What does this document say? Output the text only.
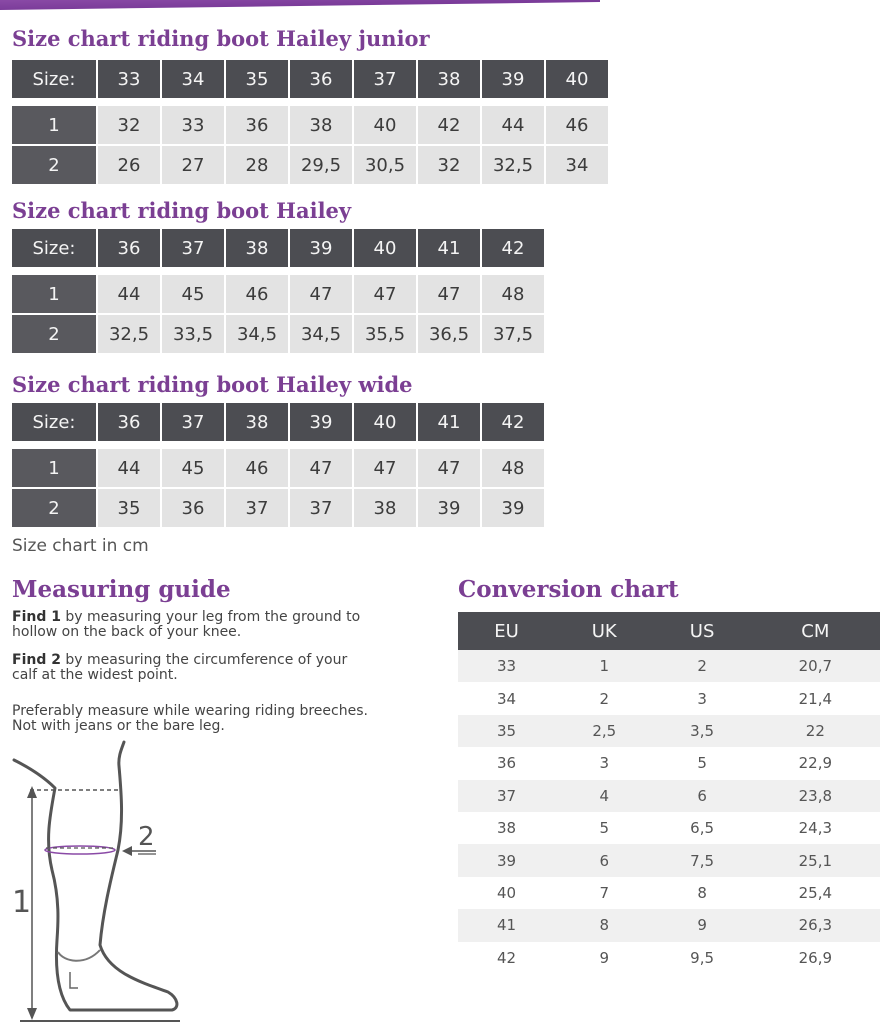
Size chart riding boot Hailey junior
Size:	33	34	35	36	37	38	39	40

1	32	33	36	38	40	42	44	46
2	26	27	28	29,5	30,5	32	32,5	34
Size chart riding boot Hailey
Size:	36	37	38	39	40	41	42

1	44	45	46	47	47	47	48
2	32,5	33,5	34,5	34,5	35,5	36,5	37,5
Size chart riding boot Hailey wide
Size:	36	37	38	39	40	41	42

1	44	45	46	47	47	47	48
2	35	36	37	37	38	39	39
Size chart in cm
Measuring guide
Find 1 by measuring your leg from the ground to hollow on the back of your knee.
Find 2 by measuring the circumference of your calf at the widest point.
Preferably measure while wearing riding breeches. Not with jeans or the bare leg.
1
2
Conversion chart
EU	UK	US	CM
33	1	2	20,7
34	2	3	21,4
35	2,5	3,5	22
36	3	5	22,9
37	4	6	23,8
38	5	6,5	24,3
39	6	7,5	25,1
40	7	8	25,4
41	8	9	26,3
42	9	9,5	26,9
